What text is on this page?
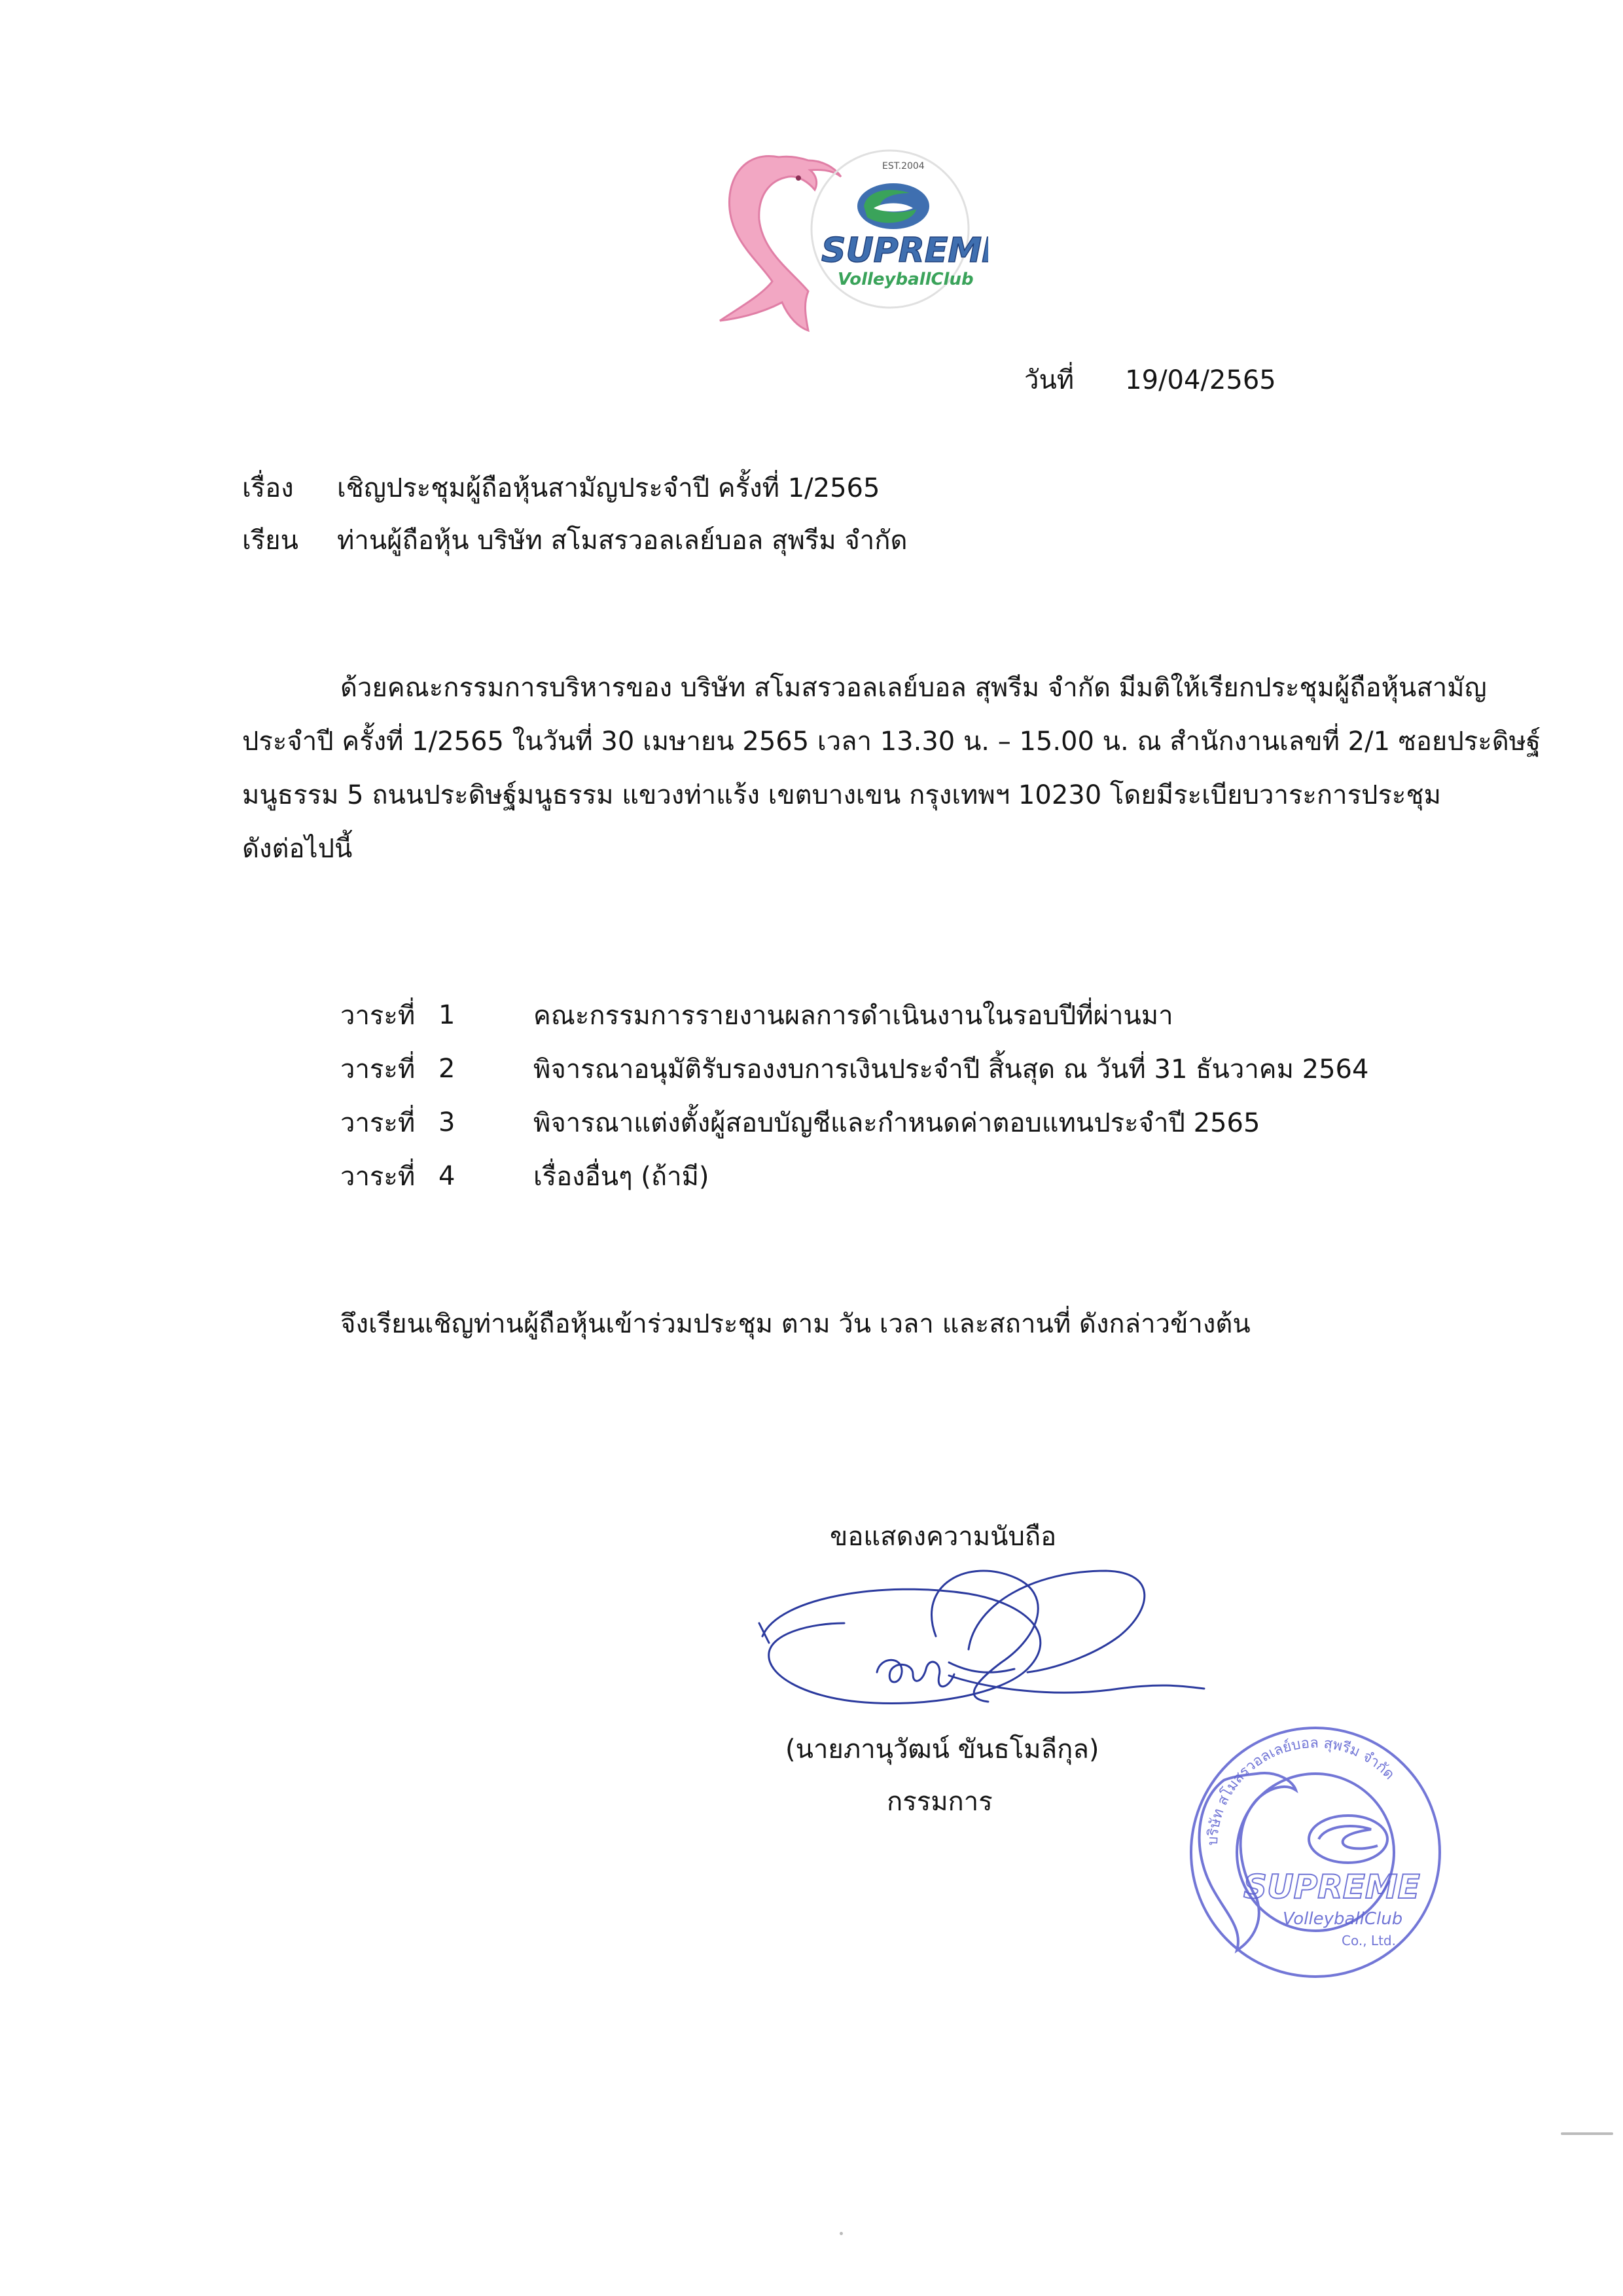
EST.2004
SUPREME
VolleyballClub
วันที่ 19/04/2565
เรื่อง	เชิญประชุมผู้ถือหุ้นสามัญประจำปี ครั้งที่ 1/2565
เรียน	ท่านผู้ถือหุ้น บริษัท สโมสรวอลเลย์บอล สุพรีม จำกัด
ด้วยคณะกรรมการบริหารของ บริษัท สโมสรวอลเลย์บอล สุพรีม จำกัด มีมติให้เรียกประชุมผู้ถือหุ้นสามัญ
ประจำปี ครั้งที่ 1/2565 ในวันที่ 30 เมษายน 2565 เวลา 13.30 น. – 15.00 น. ณ สำนักงานเลขที่ 2/1 ซอยประดิษฐ์
มนูธรรม 5 ถนนประดิษฐ์มนูธรรม แขวงท่าแร้ง เขตบางเขน กรุงเทพฯ 10230 โดยมีระเบียบวาระการประชุม
ดังต่อไปนี้
วาระที่ 1	คณะกรรมการรายงานผลการดำเนินงานในรอบปีที่ผ่านมา
วาระที่ 2	พิจารณาอนุมัติรับรองงบการเงินประจำปี สิ้นสุด ณ วันที่ 31 ธันวาคม 2564
วาระที่ 3	พิจารณาแต่งตั้งผู้สอบบัญชีและกำหนดค่าตอบแทนประจำปี 2565
วาระที่ 4	เรื่องอื่นๆ (ถ้ามี)
จึงเรียนเชิญท่านผู้ถือหุ้นเข้าร่วมประชุม ตาม วัน เวลา และสถานที่ ดังกล่าวข้างต้น
ขอแสดงความนับถือ
(นายภานุวัฒน์ ขันธโมลีกุล)
กรรมการ
บริษัท สโมสรวอลเลย์บอล สุพรีม จำกัด
SUPREME
VolleyballClub
Co., Ltd.
